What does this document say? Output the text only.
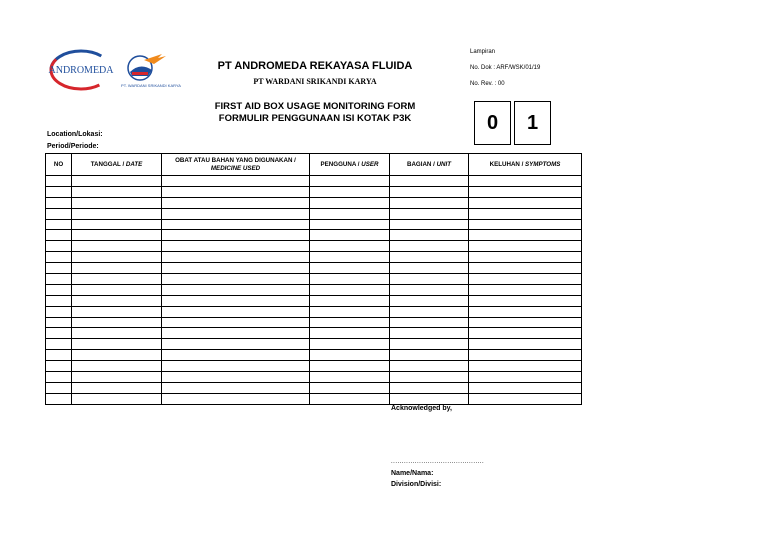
ANDROMEDA
PT. WARDANI SRIKANDI KARYA
PT ANDROMEDA REKAYASA FLUIDA
PT WARDANI SRIKANDI KARYA
FIRST AID BOX USAGE MONITORING FORM
FORMULIR PENGGUNAAN ISI KOTAK P3K
Lampiran
No. Dok : ARF/WSK/01/19
No. Rev. : 00
0	1
Location/Lokasi:
Period/Periode:
NO	TANGGAL / DATE	OBAT ATAU BAHAN YANG DIGUNAKAN /
MEDICINE USED	PENGGUNA / USER	BAGIAN / UNIT	KELUHAN / SYMPTOMS

Acknowledged by,
...........................................
Name/Nama:
Division/Divisi:
